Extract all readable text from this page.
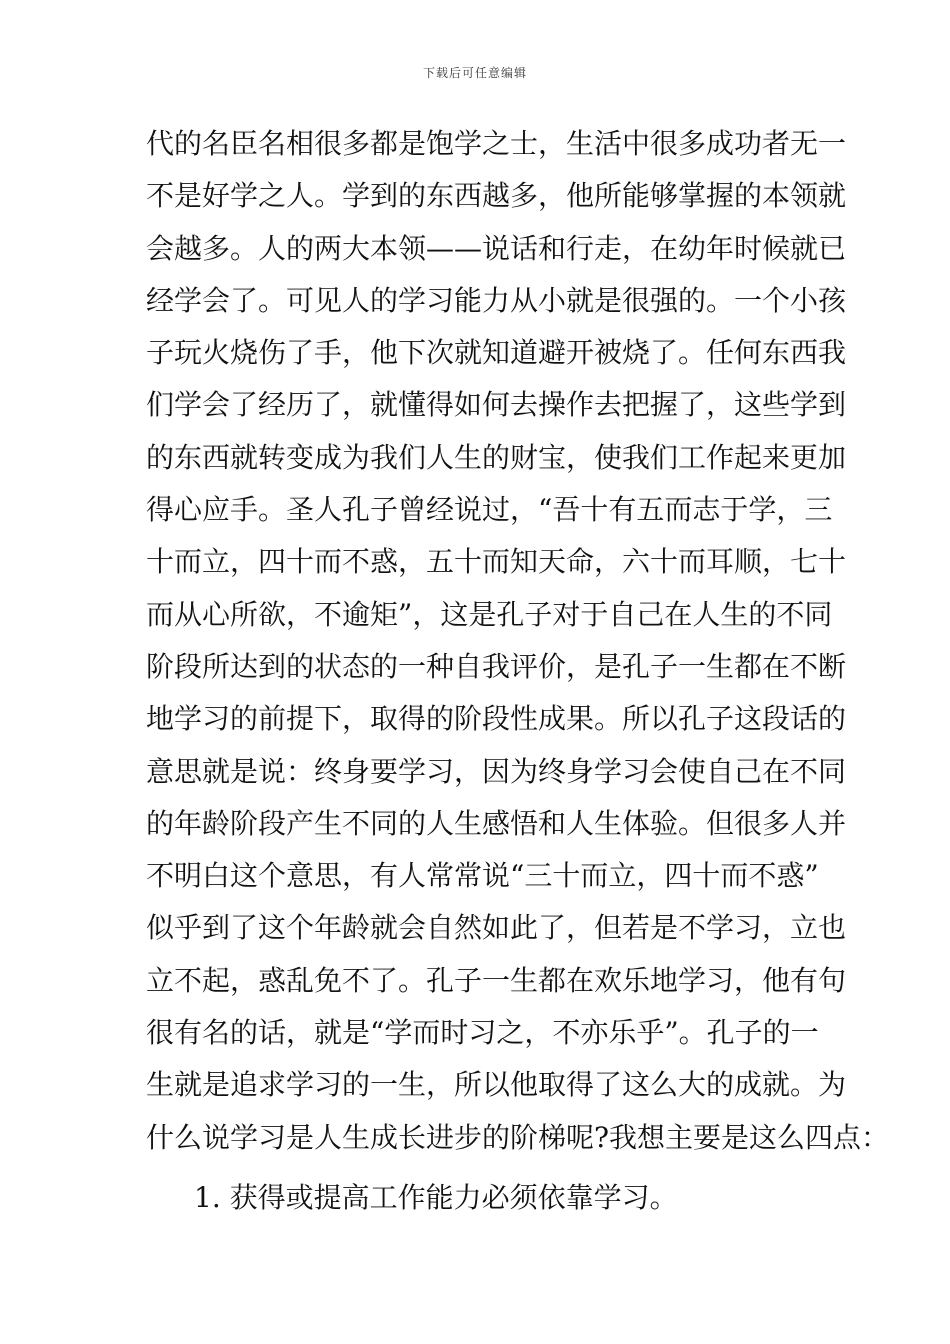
下载后可任意编辑
代的名臣名相很多都是饱学之士，生活中很多成功者无一
不是好学之人。学到的东西越多，他所能够掌握的本领就
会越多。人的两大本领——说话和行走，在幼年时候就已
经学会了。可见人的学习能力从小就是很强的。一个小孩
子玩火烧伤了手，他下次就知道避开被烧了。任何东西我
们学会了经历了，就懂得如何去操作去把握了，这些学到
的东西就转变成为我们人生的财宝，使我们工作起来更加
得心应手。圣人孔子曾经说过，“吾十有五而志于学，三
十而立，四十而不惑，五十而知天命，六十而耳顺，七十
而从心所欲，不逾矩”，这是孔子对于自己在人生的不同
阶段所达到的状态的一种自我评价，是孔子一生都在不断
地学习的前提下，取得的阶段性成果。所以孔子这段话的
意思就是说：终身要学习，因为终身学习会使自己在不同
的年龄阶段产生不同的人生感悟和人生体验。但很多人并
不明白这个意思，有人常常说“三十而立，四十而不惑”
似乎到了这个年龄就会自然如此了，但若是不学习，立也
立不起，惑乱免不了。孔子一生都在欢乐地学习，他有句
很有名的话，就是“学而时习之，不亦乐乎”。孔子的一
生就是追求学习的一生，所以他取得了这么大的成就。为
什么说学习是人生成长进步的阶梯呢?我想主要是这么四点：
1. 获得或提高工作能力必须依靠学习。
